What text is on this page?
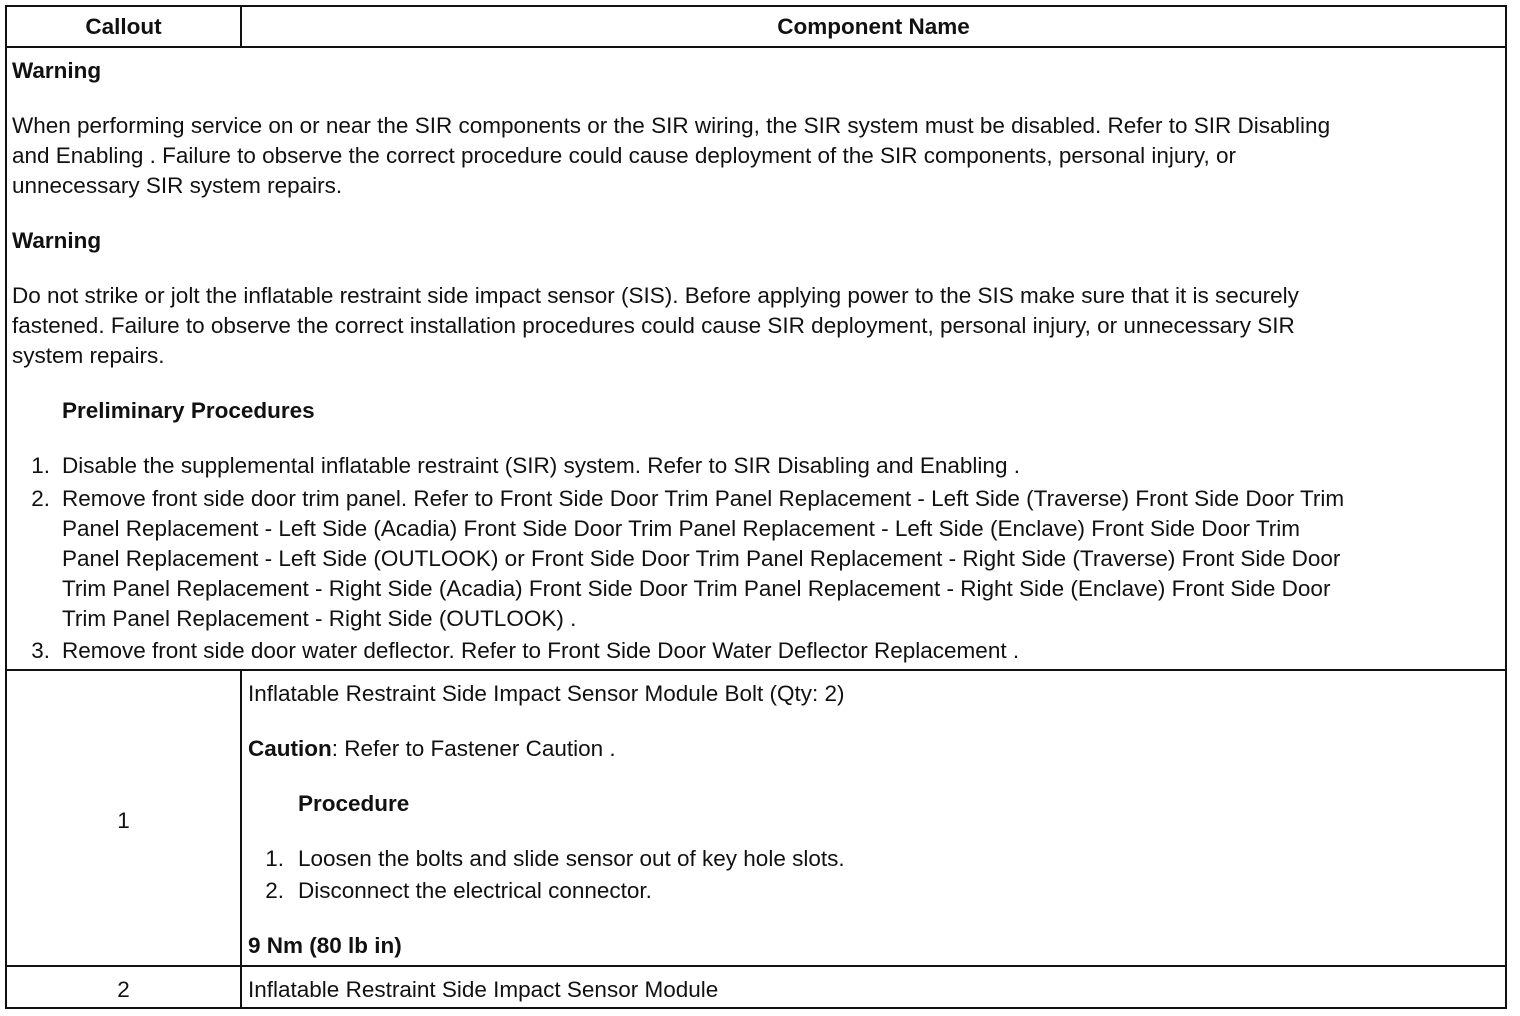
Callout	Component Name
Warning
When performing service on or near the SIR components or the SIR wiring, the SIR system must be disabled. Refer to SIR Disabling
and Enabling . Failure to observe the correct procedure could cause deployment of the SIR components, personal injury, or
unnecessary SIR system repairs.
Warning
Do not strike or jolt the inflatable restraint side impact sensor (SIS). Before applying power to the SIS make sure that it is securely
fastened. Failure to observe the correct installation procedures could cause SIR deployment, personal injury, or unnecessary SIR
system repairs.
Preliminary Procedures
1. Disable the supplemental inflatable restraint (SIR) system. Refer to SIR Disabling and Enabling .
2. Remove front side door trim panel. Refer to Front Side Door Trim Panel Replacement - Left Side (Traverse) Front Side Door Trim
Panel Replacement - Left Side (Acadia) Front Side Door Trim Panel Replacement - Left Side (Enclave) Front Side Door Trim
Panel Replacement - Left Side (OUTLOOK) or Front Side Door Trim Panel Replacement - Right Side (Traverse) Front Side Door
Trim Panel Replacement - Right Side (Acadia) Front Side Door Trim Panel Replacement - Right Side (Enclave) Front Side Door
Trim Panel Replacement - Right Side (OUTLOOK) .
3. Remove front side door water deflector. Refer to Front Side Door Water Deflector Replacement .
1
Inflatable Restraint Side Impact Sensor Module Bolt (Qty: 2)
Caution: Refer to Fastener Caution .
Procedure
1. Loosen the bolts and slide sensor out of key hole slots.
2. Disconnect the electrical connector.
9 Nm (80 lb in)
2	Inflatable Restraint Side Impact Sensor Module
